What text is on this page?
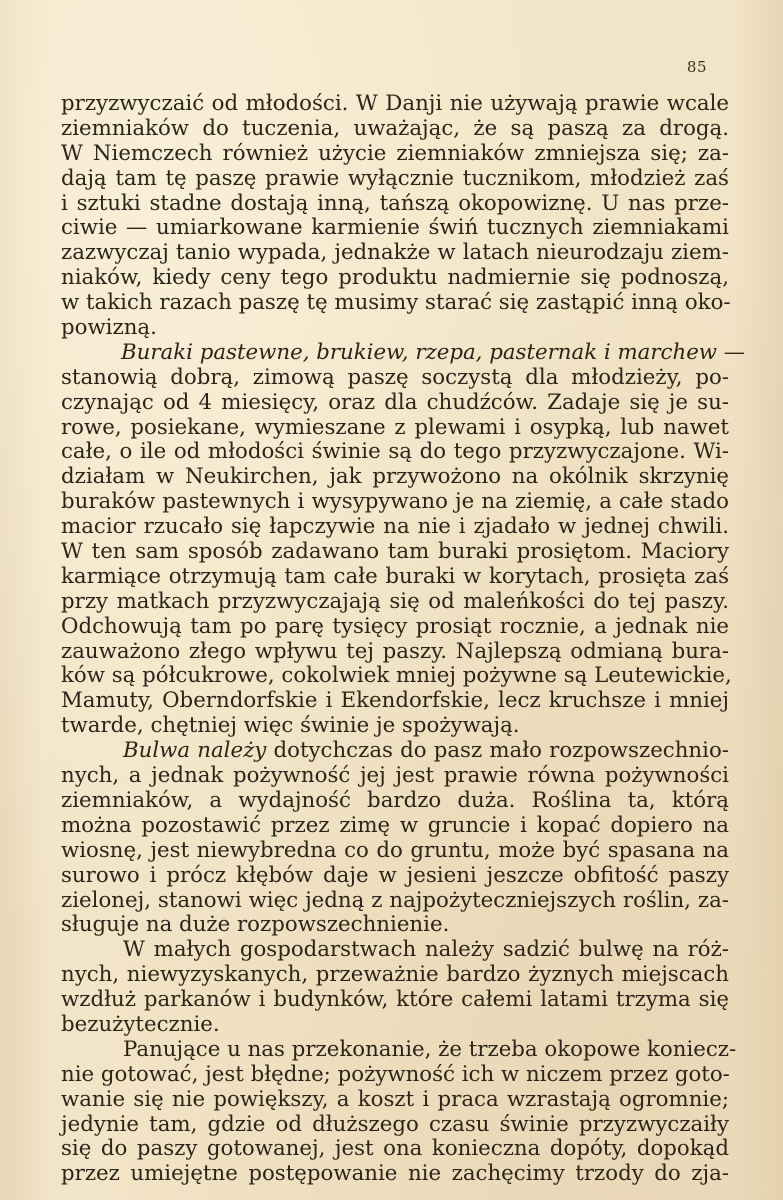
85
przyzwyczaić od młodości. W Danji nie używają prawie wcale
ziemniaków do tuczenia, uważając, że są paszą za drogą.
W Niemczech również użycie ziemniaków zmniejsza się; za-
dają tam tę paszę prawie wyłącznie tucznikom, młodzież zaś
i sztuki stadne dostają inną, tańszą okopowiznę. U nas prze-
ciwie — umiarkowane karmienie świń tucznych ziemniakami
zazwyczaj tanio wypada, jednakże w latach nieurodzaju ziem-
niaków, kiedy ceny tego produktu nadmiernie się podnoszą,
w takich razach paszę tę musimy starać się zastąpić inną oko-
powizną.
Buraki pastewne, brukiew, rzepa, pasternak i marchew —
stanowią dobrą, zimową paszę soczystą dla młodzieży, po-
czynając od 4 miesięcy, oraz dla chudźców. Zadaje się je su-
rowe, posiekane, wymieszane z plewami i osypką, lub nawet
całe, o ile od młodości świnie są do tego przyzwyczajone. Wi-
działam w Neukirchen, jak przywożono na okólnik skrzynię
buraków pastewnych i wysypywano je na ziemię, a całe stado
macior rzucało się łapczywie na nie i zjadało w jednej chwili.
W ten sam sposób zadawano tam buraki prosiętom. Maciory
karmiące otrzymują tam całe buraki w korytach, prosięta zaś
przy matkach przyzwyczajają się od maleńkości do tej paszy.
Odchowują tam po parę tysięcy prosiąt rocznie, a jednak nie
zauważono złego wpływu tej paszy. Najlepszą odmianą bura-
ków są półcukrowe, cokolwiek mniej pożywne są Leutewickie,
Mamuty, Oberndorfskie i Ekendorfskie, lecz kruchsze i mniej
twarde, chętniej więc świnie je spożywają.
Bulwa należy dotychczas do pasz mało rozpowszechnio-
nych, a jednak pożywność jej jest prawie równa pożywności
ziemniaków, a wydajność bardzo duża. Roślina ta, którą
można pozostawić przez zimę w gruncie i kopać dopiero na
wiosnę, jest niewybredna co do gruntu, może być spasana na
surowo i prócz kłębów daje w jesieni jeszcze obfitość paszy
zielonej, stanowi więc jedną z najpożyteczniejszych roślin, za-
sługuje na duże rozpowszechnienie.
W małych gospodarstwach należy sadzić bulwę na róż-
nych, niewyzyskanych, przeważnie bardzo żyznych miejscach
wzdłuż parkanów i budynków, które całemi latami trzyma się
bezużytecznie.
Panujące u nas przekonanie, że trzeba okopowe koniecz-
nie gotować, jest błędne; pożywność ich w niczem przez goto-
wanie się nie powiększy, a koszt i praca wzrastają ogromnie;
jedynie tam, gdzie od dłuższego czasu świnie przyzwyczaiły
się do paszy gotowanej, jest ona konieczna dopóty, dopokąd
przez umiejętne postępowanie nie zachęcimy trzody do zja-
